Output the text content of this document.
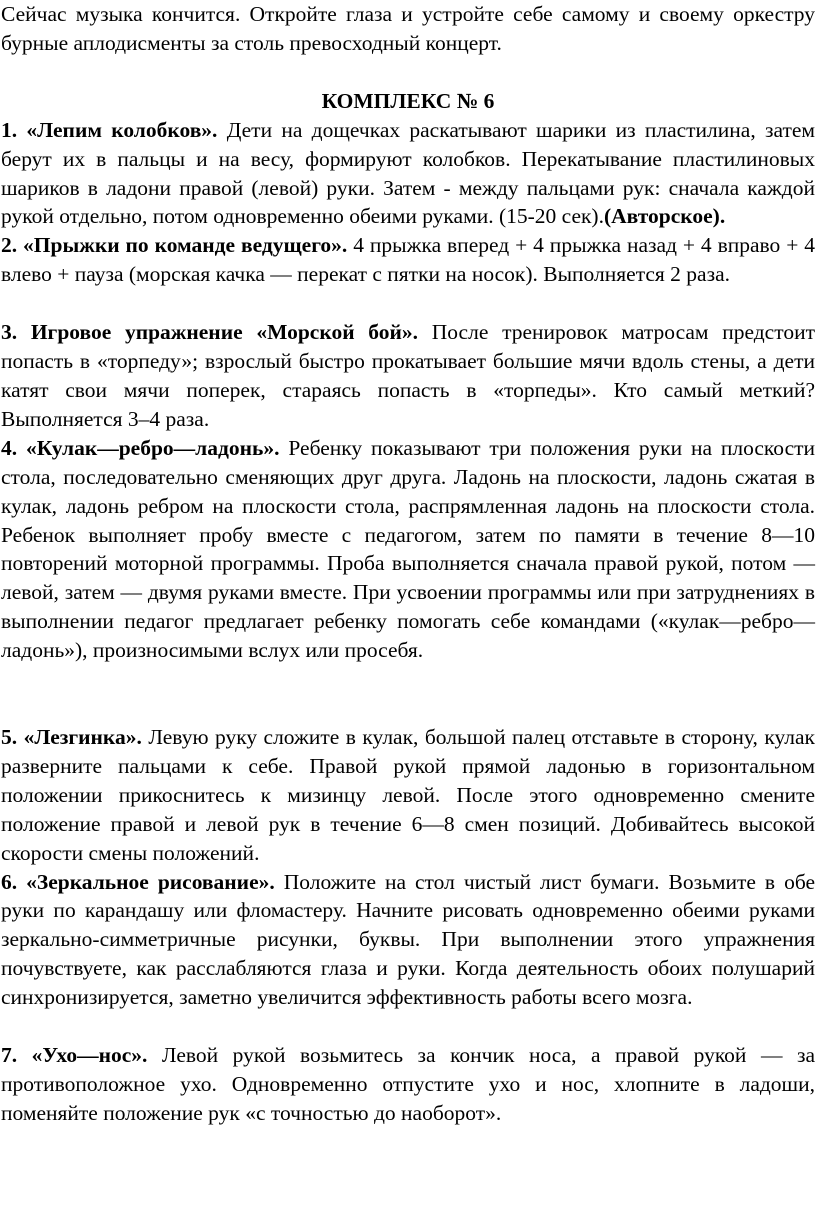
Сейчас музыка кончится. Откройте глаза и устройте себе самому и своему оркестру бурные аплодисменты за столь превосходный концерт.

КОМПЛЕКС № 6

1. «Лепим колобков». Дети на дощечках раскатывают шарики из пластилина, затем берут их в пальцы и на весу, формируют колобков. Перекатывание пластилиновых шариков в ладони правой (левой) руки. Затем - между пальцами рук: сначала каждой рукой отдельно, потом одновременно обеими руками. (15-20 сек).(Авторское).

2. «Прыжки по команде ведущего». 4 прыжка вперед + 4 прыжка назад + 4 вправо + 4 влево + пауза (морская качка — перекат с пятки на носок). Выполняется 2 раза.

3. Игровое упражнение «Морской бой». После тренировок матросам предстоит попасть в «торпеду»; взрослый быстро прокатывает большие мячи вдоль стены, а дети катят свои мячи поперек, стараясь попасть в «торпеды». Кто самый меткий? Выполняется 3–4 раза.

4. «Кулак—ребро—ладонь». Ребенку показывают три положения руки на плоскости стола, последовательно сменяющих друг друга. Ладонь на плоскости, ладонь сжатая в кулак, ладонь ребром на плоскости стола, распрямленная ладонь на плоскости стола. Ребенок выполняет пробу вместе с педагогом, затем по памяти в течение 8—10 повторений моторной программы. Проба выполняется сначала правой рукой, потом — левой, затем — двумя руками вместе. При усвоении программы или при затруднениях в выполнении педагог предлагает ребенку помогать себе командами («кулак—ребро—ладонь»), произносимыми вслух или просебя.

5. «Лезгинка». Левую руку сложите в кулак, большой палец отставьте в сторону, кулак разверните пальцами к себе. Правой рукой прямой ладонью в горизонтальном положении прикоснитесь к мизинцу левой. После этого одновременно смените положение правой и левой рук в течение 6—8 смен позиций. Добивайтесь высокой скорости смены положений.

6. «Зеркальное рисование». Положите на стол чистый лист бумаги. Возьмите в обе руки по карандашу или фломастеру. Начните рисовать одновременно обеими руками зеркально-симметричные рисунки, буквы. При выполнении этого упражнения почувствуете, как расслабляются глаза и руки. Когда деятельность обоих полушарий синхронизируется, заметно увеличится эффективность работы всего мозга.

7. «Ухо—нос». Левой рукой возьмитесь за кончик носа, а правой рукой — за противоположное ухо. Одновременно отпустите ухо и нос, хлопните в ладоши, поменяйте положение рук «с точностью до наоборот».
